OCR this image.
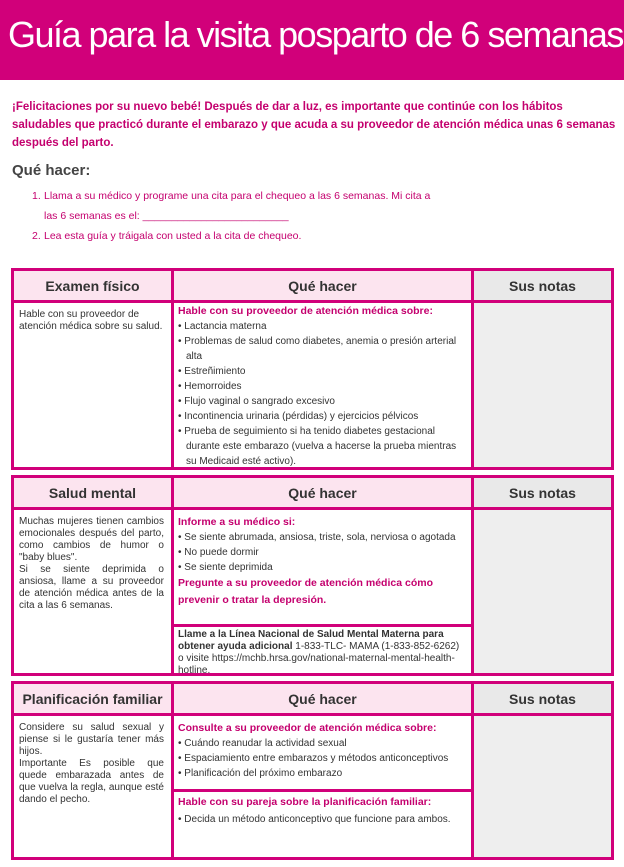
Guía para la visita posparto de 6 semanas

¡Felicitaciones por su nuevo bebé! Después de dar a luz, es importante que continúe con los hábitos saludables que practicó durante el embarazo y que acuda a su proveedor de atención médica unas 6 semanas después del parto.

Qué hacer:
1. Llama a su médico y programe una cita para el chequeo a las 6 semanas. Mi cita a
las 6 semanas es el: _________________________
2. Lea esta guía y tráigala con usted a la cita de chequeo.
Examen físico

Hable con su proveedor de atención médica sobre su salud.

Qué hacer
Hable con su proveedor de atención médica sobre:
• Lactancia materna
• Problemas de salud como diabetes, anemia o presión arterial alta
• Estreñimiento
• Hemorroides
• Flujo vaginal o sangrado excesivo
• Incontinencia urinaria (pérdidas) y ejercicios pélvicos
• Prueba de seguimiento si ha tenido diabetes gestacional durante este embarazo (vuelva a hacerse la prueba mientras su Medicaid esté activo).
Sus notas
Salud mental

Muchas mujeres tienen cambios emocionales después del parto, como cambios de humor o "baby blues".

Si se siente deprimida o ansiosa, llame a su proveedor de atención médica antes de la cita a las 6 semanas.

Qué hacer
Informe a su médico si:
• Se siente abrumada, ansiosa, triste, sola, nerviosa o agotada
• No puede dormir
• Se siente deprimida
Pregunte a su proveedor de atención médica cómo prevenir o tratar la depresión.
Llame a la Línea Nacional de Salud Mental Materna para obtener ayuda adicional 1-833-TLC- MAMA (1-833-852-6262) o visite https://mchb.hrsa.gov/national-maternal-mental-health-hotline.
Sus notas
Planificación familiar

Considere su salud sexual y piense si le gustaría tener más hijos.

Importante Es posible que quede embarazada antes de que vuelva la regla, aunque esté dando el pecho.

Qué hacer
Consulte a su proveedor de atención médica sobre:
• Cuándo reanudar la actividad sexual
• Espaciamiento entre embarazos y métodos anticonceptivos
• Planificación del próximo embarazo
Hable con su pareja sobre la planificación familiar:
• Decida un método anticonceptivo que funcione para ambos.
Sus notas
